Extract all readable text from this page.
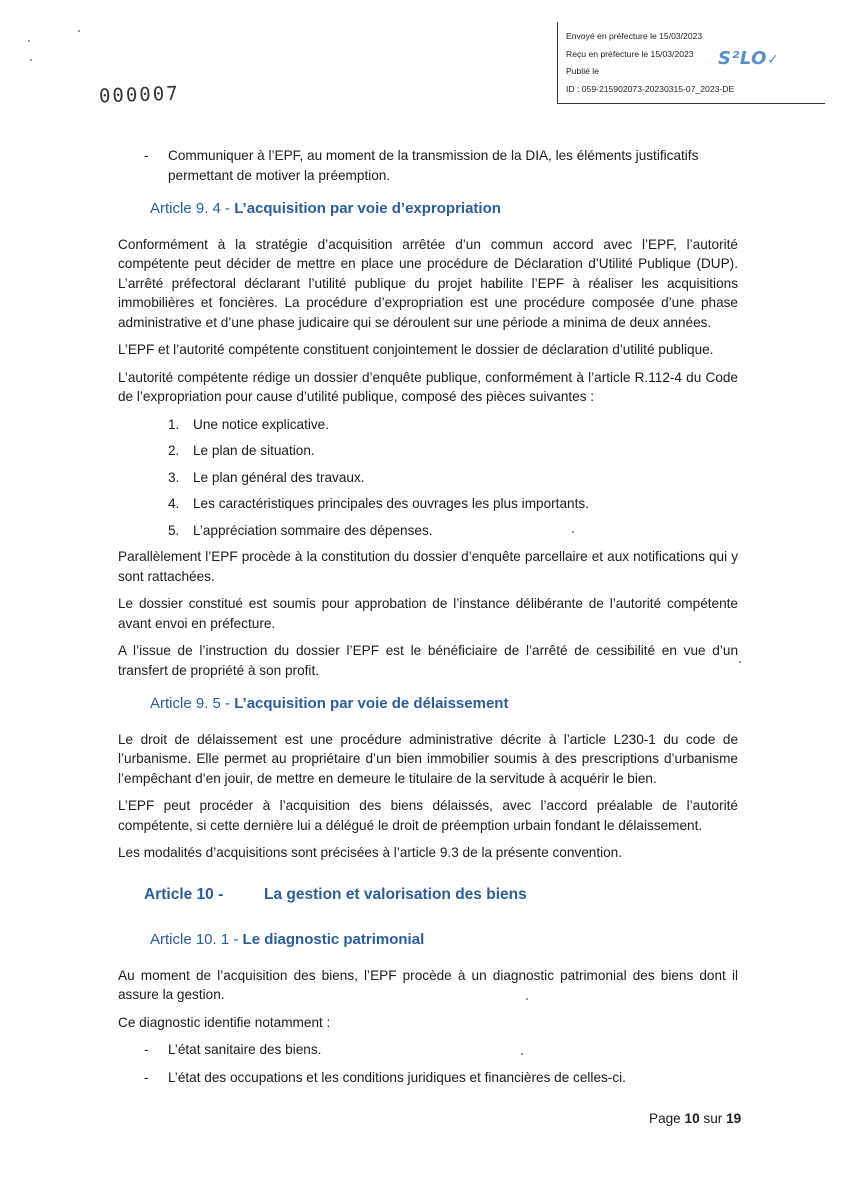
Envoyé en préfecture le 15/03/2023
Reçu en préfecture le 15/03/2023
Publié le
ID : 059-215902073-20230315-07_2023-DE
S²LO✓
000007
-	Communiquer à l’EPF, au moment de la transmission de la DIA, les éléments justificatifs permettant de motiver la préemption.
Article 9. 4 - L’acquisition par voie d’expropriation

Conformément à la stratégie d’acquisition arrêtée d’un commun accord avec l’EPF, l’autorité compétente peut décider de mettre en place une procédure de Déclaration d’Utilité Publique (DUP). L’arrêté préfectoral déclarant l’utilité publique du projet habilite l’EPF à réaliser les acquisitions immobilières et foncières. La procédure d’expropriation est une procédure composée d’une phase administrative et d’une phase judicaire qui se déroulent sur une période a minima de deux années.

L’EPF et l’autorité compétente constituent conjointement le dossier de déclaration d’utilité publique.

L’autorité compétente rédige un dossier d’enquête publique, conformément à l’article R.112-4 du Code de l’expropriation pour cause d’utilité publique, composé des pièces suivantes :

1.	Une notice explicative.
2.	Le plan de situation.
3.	Le plan général des travaux.
4.	Les caractéristiques principales des ouvrages les plus importants.
5.	L’appréciation sommaire des dépenses.

Parallèlement l’EPF procède à la constitution du dossier d’enquête parcellaire et aux notifications qui y sont rattachées.

Le dossier constitué est soumis pour approbation de l’instance délibérante de l’autorité compétente avant envoi en préfecture.

A l’issue de l’instruction du dossier l’EPF est le bénéficiaire de l’arrêté de cessibilité en vue d’un transfert de propriété à son profit.

Article 9. 5 - L’acquisition par voie de délaissement

Le droit de délaissement est une procédure administrative décrite à l’article L230-1 du code de l’urbanisme. Elle permet au propriétaire d’un bien immobilier soumis à des prescriptions d’urbanisme l’empêchant d’en jouir, de mettre en demeure le titulaire de la servitude à acquérir le bien.

L’EPF peut procéder à l’acquisition des biens délaissés, avec l’accord préalable de l’autorité compétente, si cette dernière lui a délégué le droit de préemption urbain fondant le délaissement.

Les modalités d’acquisitions sont précisées à l’article 9.3 de la présente convention.

Article 10 -	La gestion et valorisation des biens
Article 10. 1 - Le diagnostic patrimonial

Au moment de l’acquisition des biens, l’EPF procède à un diagnostic patrimonial des biens dont il assure la gestion.

Ce diagnostic identifie notamment :

-	L’état sanitaire des biens.
-	L’état des occupations et les conditions juridiques et financières de celles-ci.
Page 10 sur 19
